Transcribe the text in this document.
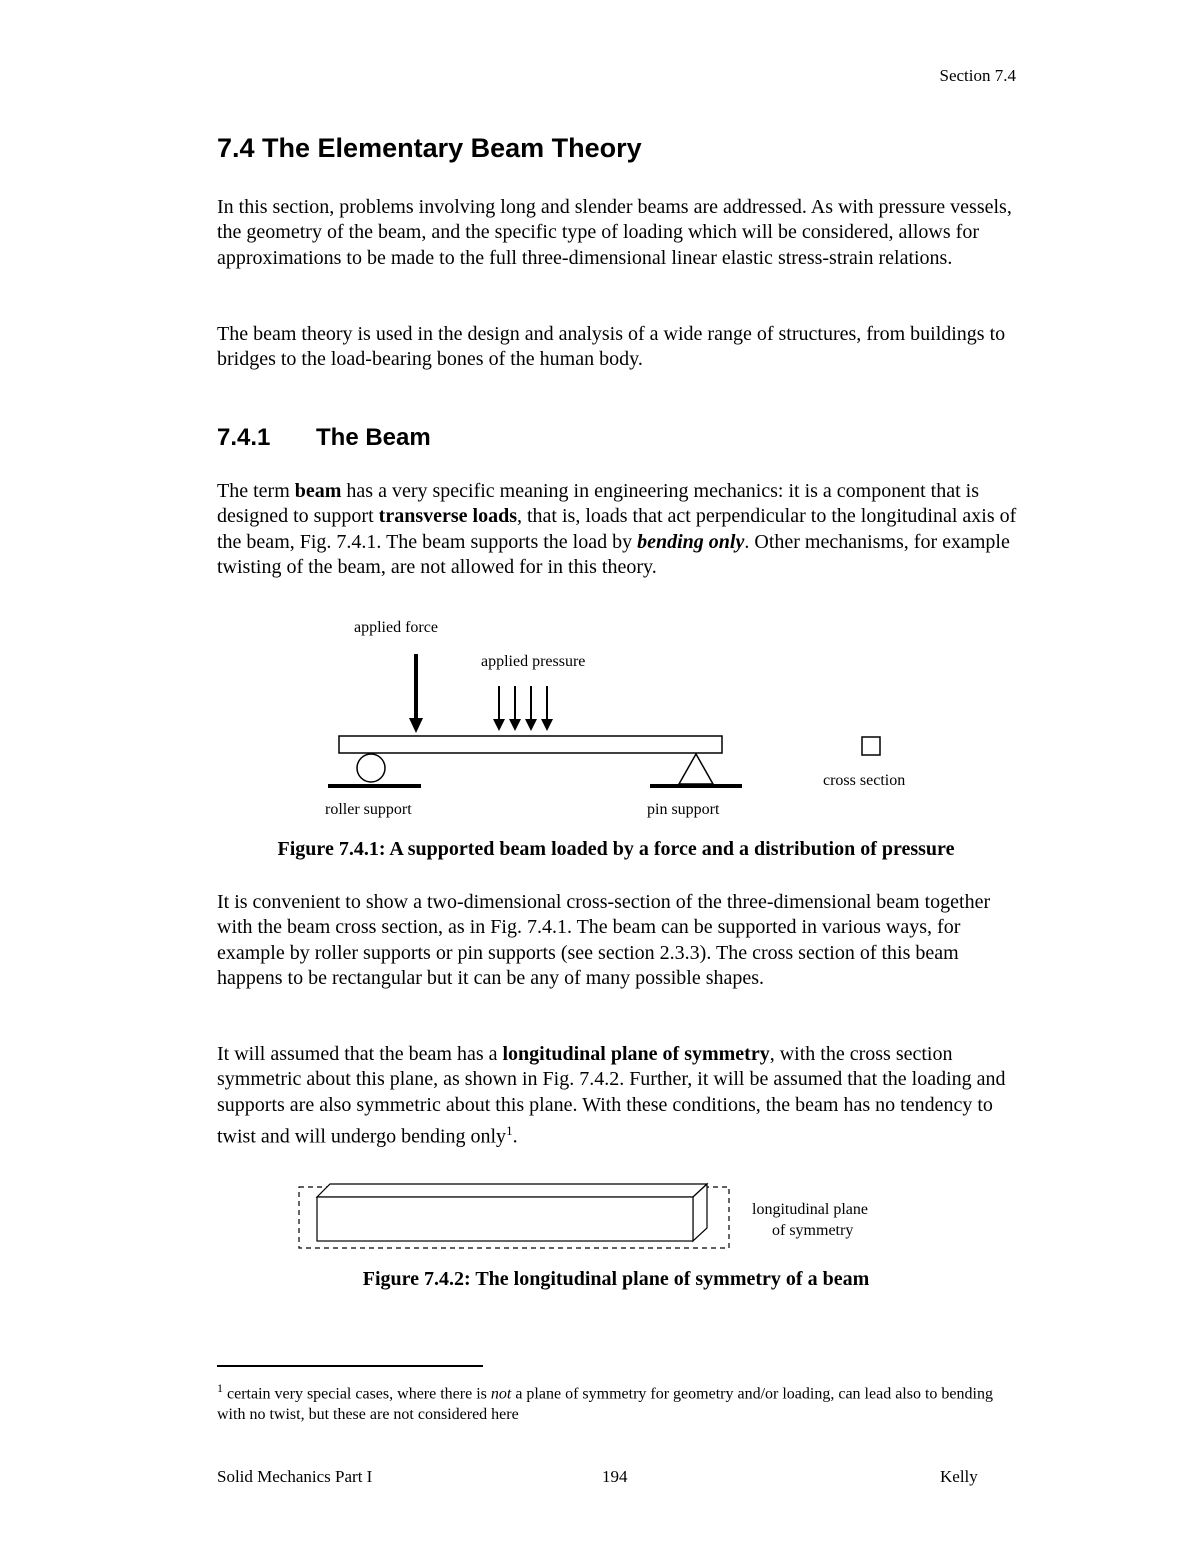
Section 7.4
7.4 The Elementary Beam Theory

In this section, problems involving long and slender beams are addressed. As with pressure vessels, the geometry of the beam, and the specific type of loading which will be considered, allows for approximations to be made to the full three-dimensional linear elastic stress-strain relations.

The beam theory is used in the design and analysis of a wide range of structures, from buildings to bridges to the load-bearing bones of the human body.

7.4.1 The Beam

The term beam has a very specific meaning in engineering mechanics: it is a component that is designed to support transverse loads, that is, loads that act perpendicular to the longitudinal axis of the beam, Fig. 7.4.1. The beam supports the load by bending only. Other mechanisms, for example twisting of the beam, are not allowed for in this theory.

applied force
applied pressure
roller support	pin support
cross section

Figure 7.4.1: A supported beam loaded by a force and a distribution of pressure

It is convenient to show a two-dimensional cross-section of the three-dimensional beam together with the beam cross section, as in Fig. 7.4.1. The beam can be supported in various ways, for example by roller supports or pin supports (see section 2.3.3). The cross section of this beam happens to be rectangular but it can be any of many possible shapes.

It will assumed that the beam has a longitudinal plane of symmetry, with the cross section symmetric about this plane, as shown in Fig. 7.4.2. Further, it will be assumed that the loading and supports are also symmetric about this plane. With these conditions, the beam has no tendency to twist and will undergo bending only$^1$.

longitudinal plane
of symmetry

Figure 7.4.2: The longitudinal plane of symmetry of a beam

$^1$ certain very special cases, where there is not a plane of symmetry for geometry and/or loading, can lead also to bending with no twist, but these are not considered here

Solid Mechanics Part I	194	Kelly
